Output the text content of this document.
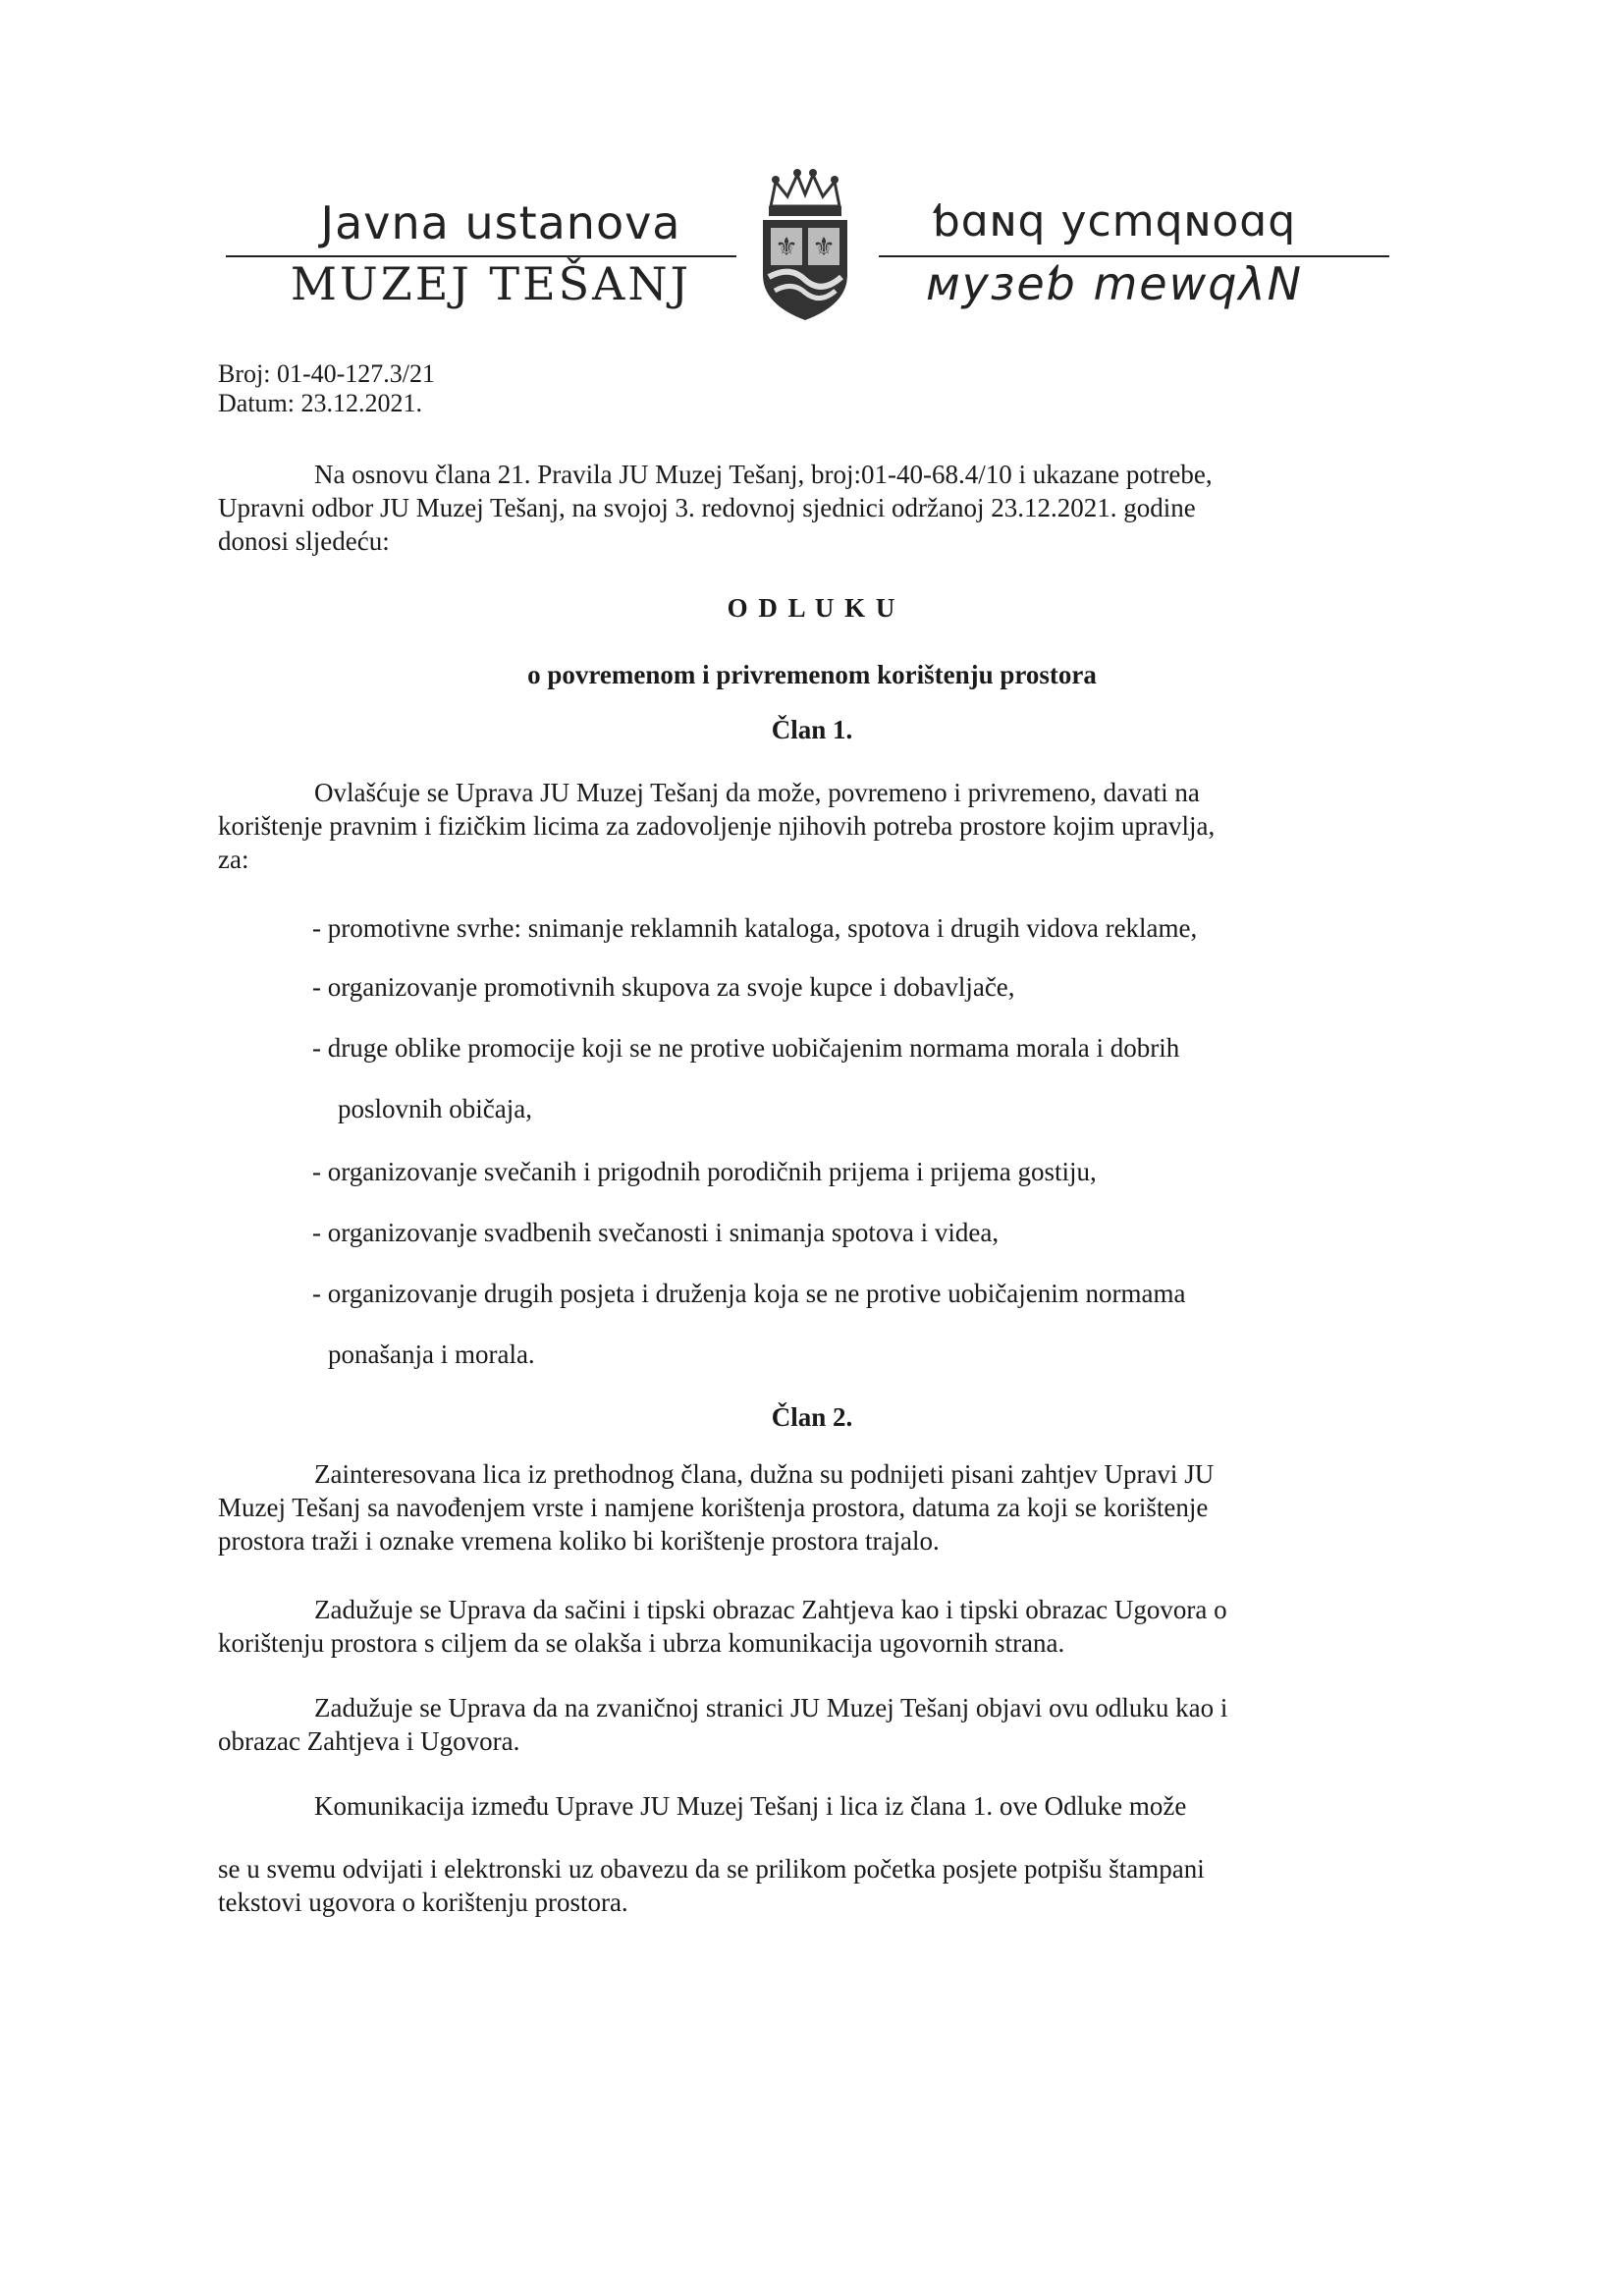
Javna ustanova
MUZEJ TEŠANJ
⚜ ⚜
ƅɑɴq ycmqɴoɑq
мyзeƅ mewqλN
Broj: 01-40-127.3/21
Datum: 23.12.2021.
Na osnovu člana 21. Pravila JU Muzej Tešanj, broj:01-40-68.4/10 i ukazane potrebe,
Upravni odbor JU Muzej Tešanj, na svojoj 3. redovnoj sjednici održanoj 23.12.2021. godine
donosi sljedeću:
O D L U K U
o povremenom i privremenom korištenju prostora
Član 1.
Ovlašćuje se Uprava JU Muzej Tešanj da može, povremeno i privremeno, davati na
korištenje pravnim i fizičkim licima za zadovoljenje njihovih potreba prostore kojim upravlja,
za:
- promotivne svrhe: snimanje reklamnih kataloga, spotova i drugih vidova reklame,
- organizovanje promotivnih skupova za svoje kupce i dobavljače,
- druge oblike promocije koji se ne protive uobičajenim normama morala i dobrih
poslovnih običaja,
- organizovanje svečanih i prigodnih porodičnih prijema i prijema gostiju,
- organizovanje svadbenih svečanosti i snimanja spotova i videa,
- organizovanje drugih posjeta i druženja koja se ne protive uobičajenim normama
ponašanja i morala.
Član 2.
Zainteresovana lica iz prethodnog člana, dužna su podnijeti pisani zahtjev Upravi JU
Muzej Tešanj sa navođenjem vrste i namjene korištenja prostora, datuma za koji se korištenje
prostora traži i oznake vremena koliko bi korištenje prostora trajalo.
Zadužuje se Uprava da sačini i tipski obrazac Zahtjeva kao i tipski obrazac Ugovora o
korištenju prostora s ciljem da se olakša i ubrza komunikacija ugovornih strana.
Zadužuje se Uprava da na zvaničnoj stranici JU Muzej Tešanj objavi ovu odluku kao i
obrazac Zahtjeva i Ugovora.
Komunikacija između Uprave JU Muzej Tešanj i lica iz člana 1. ove Odluke može
se u svemu odvijati i elektronski uz obavezu da se prilikom početka posjete potpišu štampani
tekstovi ugovora o korištenju prostora.
